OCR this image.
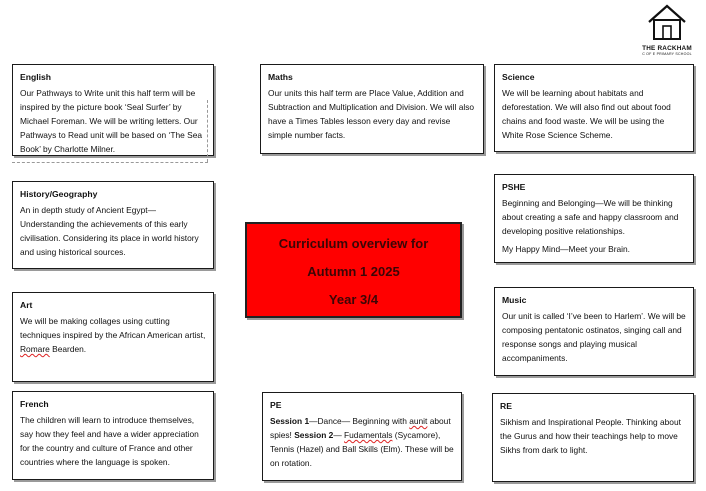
THE RACKHAM
C OF E PRIMARY SCHOOL
English

Our Pathways to Write unit this half term will be inspired by the picture book ‘Seal Surfer’ by Michael Foreman. We will be writing letters. Our Pathways to Read unit will be based on ‘The Sea Book’ by Charlotte Milner.

Maths

Our units this half term are Place Value, Addition and Subtraction and Multiplication and Division. We will also have a Times Tables lesson every day and revise simple number facts.

Science

We will be learning about habitats and deforestation. We will also find out about food chains and food waste. We will be using the White Rose Science Scheme.

History/Geography

An in depth study of Ancient Egypt— Understanding the achievements of this early civilisation. Considering its place in world history and using historical sources.

PSHE

Beginning and Belonging—We will be thinking about creating a safe and happy classroom and developing positive relationships.

My Happy Mind—Meet your Brain.

Curriculum overview for
Autumn 1 2025
Year 3/4
Art

We will be making collages using cutting techniques inspired by the African American artist, Romare Bearden.

Music

Our unit is called ‘I’ve been to Harlem’. We will be composing pentatonic ostinatos, singing call and response songs and playing musical accompaniments.

French

The children will learn to introduce themselves, say how they feel and have a wider appreciation for the country and culture of France and other countries where the language is spoken.

PE

Session 1—Dance— Beginning with aunit about spies! Session 2— Fudamentals (Sycamore), Tennis (Hazel) and Ball Skills (Elm). These will be on rotation.

RE

Sikhism and Inspirational People. Thinking about the Gurus and how their teachings help to move Sikhs from dark to light.
